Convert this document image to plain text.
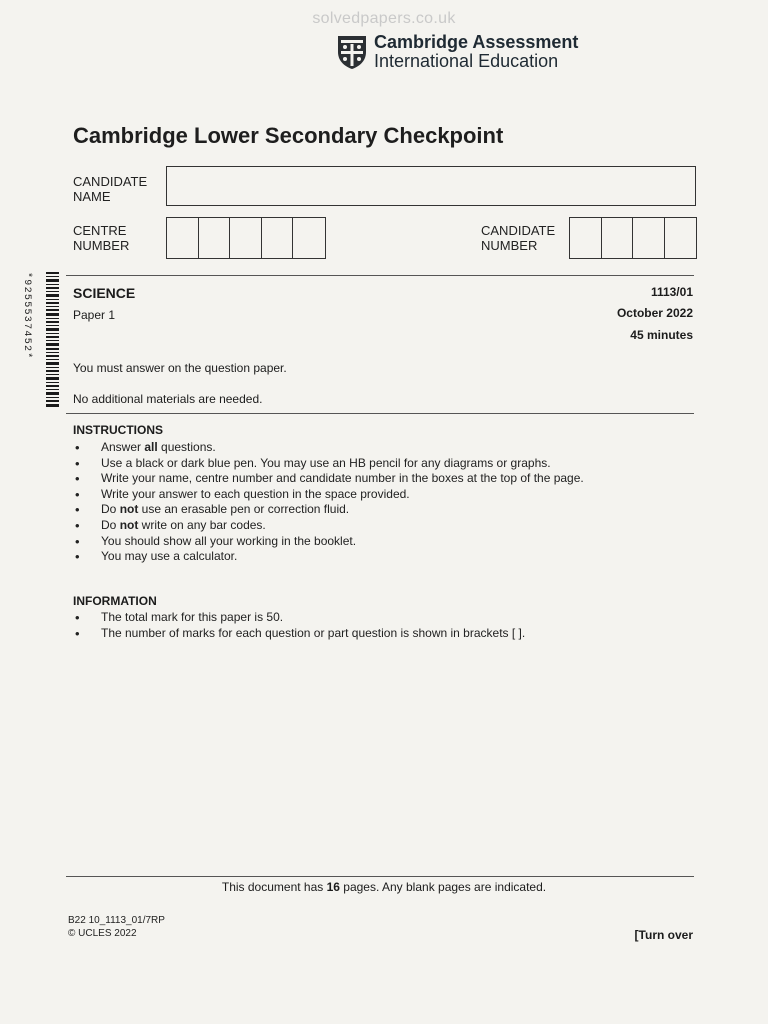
solvedpapers.co.uk
Cambridge Assessment
International Education
Cambridge Lower Secondary Checkpoint
CANDIDATE
NAME
CENTRE
NUMBER
CANDIDATE
NUMBER
*9255537452*	SCIENCE	1113/01
Paper 1	October 2022
45 minutes
You must answer on the question paper.
No additional materials are needed.
INSTRUCTIONS
• Answer all questions.
• Use a black or dark blue pen. You may use an HB pencil for any diagrams or graphs.
• Write your name, centre number and candidate number in the boxes at the top of the page.
• Write your answer to each question in the space provided.
• Do not use an erasable pen or correction fluid.
• Do not write on any bar codes.
• You should show all your working in the booklet.
• You may use a calculator.
INFORMATION
• The total mark for this paper is 50.
• The number of marks for each question or part question is shown in brackets [ ].
This document has 16 pages. Any blank pages are indicated.
B22 10_1113_01/7RP
© UCLES 2022	[Turn over
